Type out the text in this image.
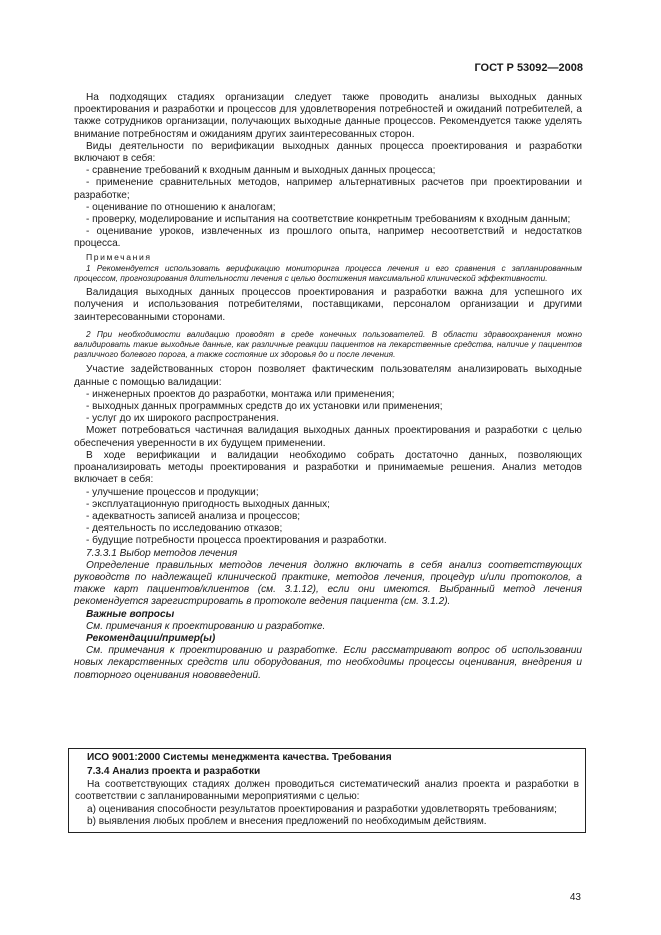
ГОСТ Р 53092—2008

На подходящих стадиях организации следует также проводить анализы выходных данных проектирования и разработки и процессов для удовлетворения потребностей и ожиданий потребителей, а также сотрудников организации, получающих выходные данные процессов. Рекомендуется также уделять внимание потребностям и ожиданиям других заинтересованных сторон.

Виды деятельности по верификации выходных данных процесса проектирования и разработки включают в себя:

- сравнение требований к входным данным и выходных данных процесса;

- применение сравнительных методов, например альтернативных расчетов при проектировании и разработке;

- оценивание по отношению к аналогам;

- проверку, моделирование и испытания на соответствие конкретным требованиям к входным данным;

- оценивание уроков, извлеченных из прошлого опыта, например несоответствий и недостатков процесса.

Примечания

1 Рекомендуется использовать верификацию мониторинга процесса лечения и его сравнения с запланированным процессом, прогнозирования длительности лечения с целью достижения максимальной клинической эффективности.

Валидация выходных данных процессов проектирования и разработки важна для успешного их получения и использования потребителями, поставщиками, персоналом организации и другими заинтересованными сторонами.

2 При необходимости валидацию проводят в среде конечных пользователей. В области здравоохранения можно валидировать такие выходные данные, как различные реакции пациентов на лекарственные средства, наличие у пациентов различного болевого порога, а также состояние их здоровья до и после лечения.

Участие задействованных сторон позволяет фактическим пользователям анализировать выходные данные с помощью валидации:

- инженерных проектов до разработки, монтажа или применения;

- выходных данных программных средств до их установки или применения;

- услуг до их широкого распространения.

Может потребоваться частичная валидация выходных данных проектирования и разработки с целью обеспечения уверенности в их будущем применении.

В ходе верификации и валидации необходимо собрать достаточно данных, позволяющих проанализировать методы проектирования и разработки и принимаемые решения. Анализ методов включает в себя:

- улучшение процессов и продукции;

- эксплуатационную пригодность выходных данных;

- адекватность записей анализа и процессов;

- деятельность по исследованию отказов;

- будущие потребности процесса проектирования и разработки.

7.3.3.1 Выбор методов лечения

Определение правильных методов лечения должно включать в себя анализ соответствующих руководств по надлежащей клинической практике, методов лечения, процедур и/или протоколов, а также карт пациентов/клиентов (см. 3.1.12), если они имеются. Выбранный метод лечения рекомендуется зарегистрировать в протоколе ведения пациента (см. 3.1.2).

Важные вопросы

См. примечания к проектированию и разработке.

Рекомендации/пример(ы)

См. примечания к проектированию и разработке. Если рассматривают вопрос об использовании новых лекарственных средств или оборудования, то необходимы процессы оценивания, внедрения и повторного оценивания нововведений.

ИСО 9001:2000 Системы менеджмента качества. Требования

7.3.4 Анализ проекта и разработки

На соответствующих стадиях должен проводиться систематический анализ проекта и разработки в соответствии с запланированными мероприятиями с целью:

a) оценивания способности результатов проектирования и разработки удовлетворять требованиям;

b) выявления любых проблем и внесения предложений по необходимым действиям.

43
